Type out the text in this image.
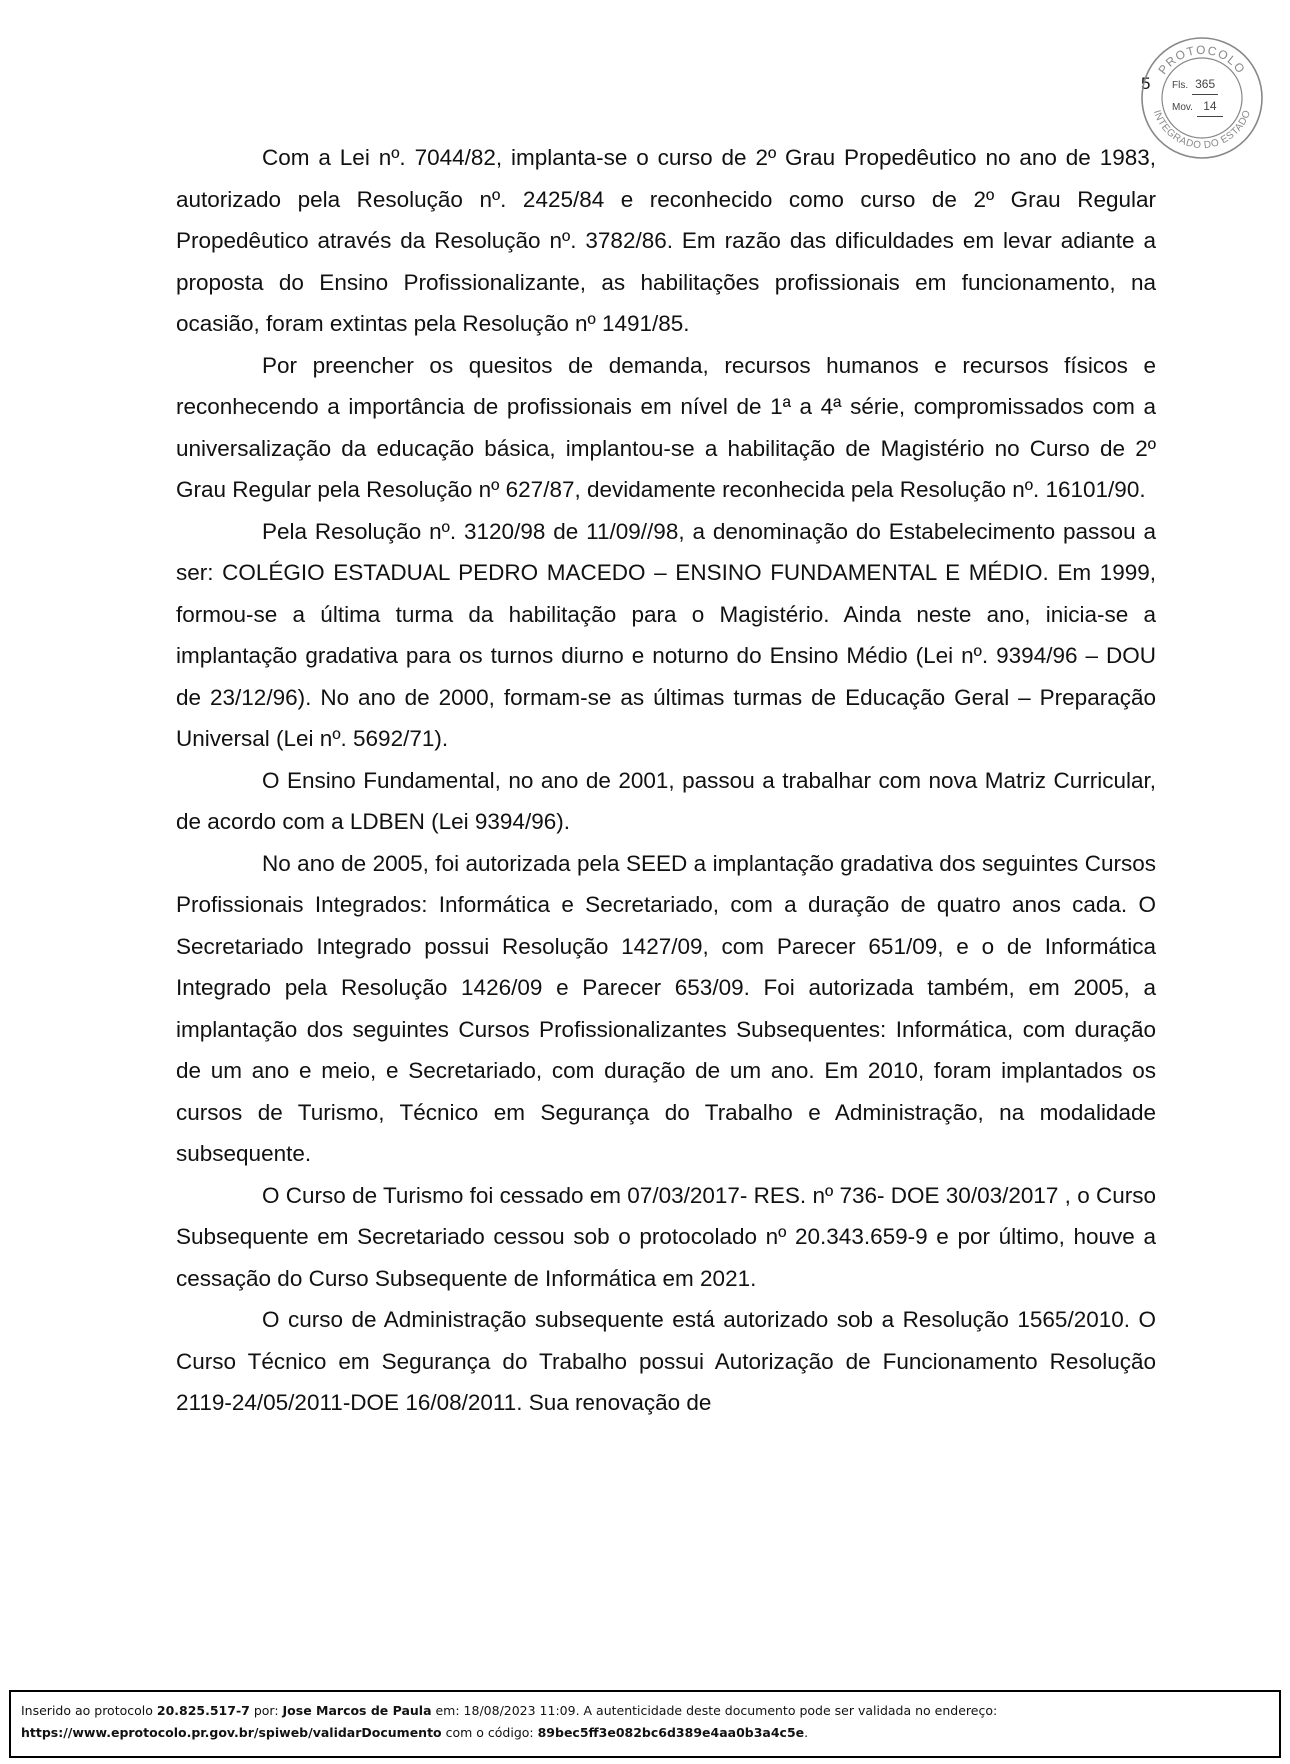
5
PROTOCOLO
INTEGRADO DO ESTADO
Fls. 365
Mov. 14

Com a Lei nº. 7044/82, implanta-se o curso de 2º Grau Propedêutico no ano de 1983, autorizado pela Resolução nº. 2425/84 e reconhecido como curso de 2º Grau Regular Propedêutico através da Resolução nº. 3782/86. Em razão das dificuldades em levar adiante a proposta do Ensino Profissionalizante, as habilitações profissionais em funcionamento, na ocasião, foram extintas pela Resolução nº 1491/85.

Por preencher os quesitos de demanda, recursos humanos e recursos físicos e reconhecendo a importância de profissionais em nível de 1ª a 4ª série, compromissados com a universalização da educação básica, implantou-se a habilitação de Magistério no Curso de 2º Grau Regular pela Resolução nº 627/87, devidamente reconhecida pela Resolução nº. 16101/90.

Pela Resolução nº. 3120/98 de 11/09//98, a denominação do Estabelecimento passou a ser: COLÉGIO ESTADUAL PEDRO MACEDO – ENSINO FUNDAMENTAL E MÉDIO. Em 1999, formou-se a última turma da habilitação para o Magistério. Ainda neste ano, inicia-se a implantação gradativa para os turnos diurno e noturno do Ensino Médio (Lei nº. 9394/96 – DOU de 23/12/96). No ano de 2000, formam-se as últimas turmas de Educação Geral – Preparação Universal (Lei nº. 5692/71).

O Ensino Fundamental, no ano de 2001, passou a trabalhar com nova Matriz Curricular, de acordo com a LDBEN (Lei 9394/96).

No ano de 2005, foi autorizada pela SEED a implantação gradativa dos seguintes Cursos Profissionais Integrados: Informática e Secretariado, com a duração de quatro anos cada. O Secretariado Integrado possui Resolução 1427/09, com Parecer 651/09, e o de Informática Integrado pela Resolução 1426/09 e Parecer 653/09. Foi autorizada também, em 2005, a implantação dos seguintes Cursos Profissionalizantes Subsequentes: Informática, com duração de um ano e meio, e Secretariado, com duração de um ano. Em 2010, foram implantados os cursos de Turismo, Técnico em Segurança do Trabalho e Administração, na modalidade subsequente.

O Curso de Turismo foi cessado em 07/03/2017- RES. nº 736- DOE 30/03/2017 , o Curso Subsequente em Secretariado cessou sob o protocolado nº 20.343.659-9 e por último, houve a cessação do Curso Subsequente de Informática em 2021.

O curso de Administração subsequente está autorizado sob a Resolução 1565/2010. O Curso Técnico em Segurança do Trabalho possui Autorização de Funcionamento Resolução 2119-24/05/2011-DOE 16/08/2011. Sua renovação de

Inserido ao protocolo 20.825.517-7 por: Jose Marcos de Paula em: 18/08/2023 11:09. A autenticidade deste documento pode ser validada no endereço:
https://www.eprotocolo.pr.gov.br/spiweb/validarDocumento com o código: 89bec5ff3e082bc6d389e4aa0b3a4c5e.
